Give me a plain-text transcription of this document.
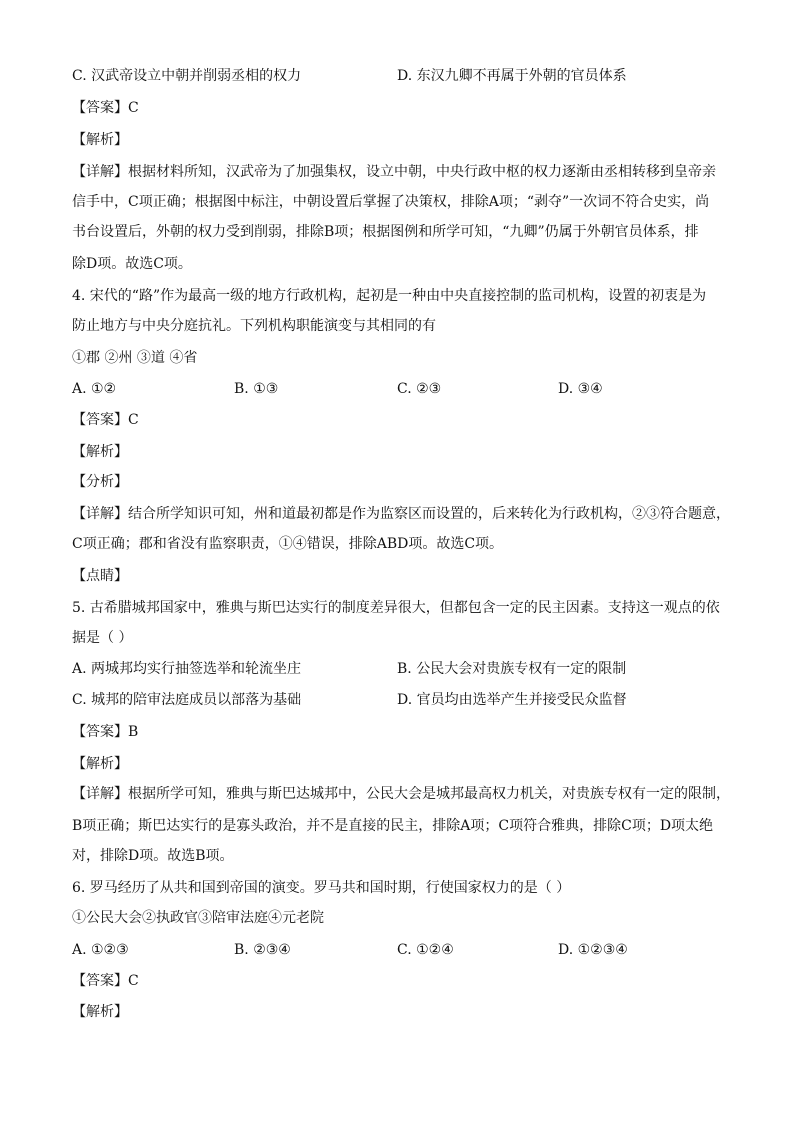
C. 汉武帝设立中朝并削弱丞相的权力	D. 东汉九卿不再属于外朝的官员体系
【答案】C
【解析】
【详解】根据材料所知，汉武帝为了加强集权，设立中朝，中央行政中枢的权力逐渐由丞相转移到皇帝亲
信手中，C项正确；根据图中标注，中朝设置后掌握了决策权，排除A项；“剥夺”一次词不符合史实，尚
书台设置后，外朝的权力受到削弱，排除B项；根据图例和所学可知，“九卿”仍属于外朝官员体系，排
除D项。故选C项。
4. 宋代的“路”作为最高一级的地方行政机构，起初是一种由中央直接控制的监司机构，设置的初衷是为
防止地方与中央分庭抗礼。下列机构职能演变与其相同的有
①郡 ②州 ③道 ④省
A. ①②	B. ①③	C. ②③	D. ③④
【答案】C
【解析】
【分析】
【详解】结合所学知识可知，州和道最初都是作为监察区而设置的，后来转化为行政机构，②③符合题意，
C项正确；郡和省没有监察职责，①④错误，排除ABD项。故选C项。
【点睛】
5. 古希腊城邦国家中，雅典与斯巴达实行的制度差异很大，但都包含一定的民主因素。支持这一观点的依
据是（ ）
A. 两城邦均实行抽签选举和轮流坐庄	B. 公民大会对贵族专权有一定的限制
C. 城邦的陪审法庭成员以部落为基础	D. 官员均由选举产生并接受民众监督
【答案】B
【解析】
【详解】根据所学可知，雅典与斯巴达城邦中，公民大会是城邦最高权力机关，对贵族专权有一定的限制，
B项正确；斯巴达实行的是寡头政治，并不是直接的民主，排除A项；C项符合雅典，排除C项；D项太绝
对，排除D项。故选B项。
6. 罗马经历了从共和国到帝国的演变。罗马共和国时期，行使国家权力的是（ ）
①公民大会②执政官③陪审法庭④元老院
A. ①②③	B. ②③④	C. ①②④	D. ①②③④
【答案】C
【解析】
